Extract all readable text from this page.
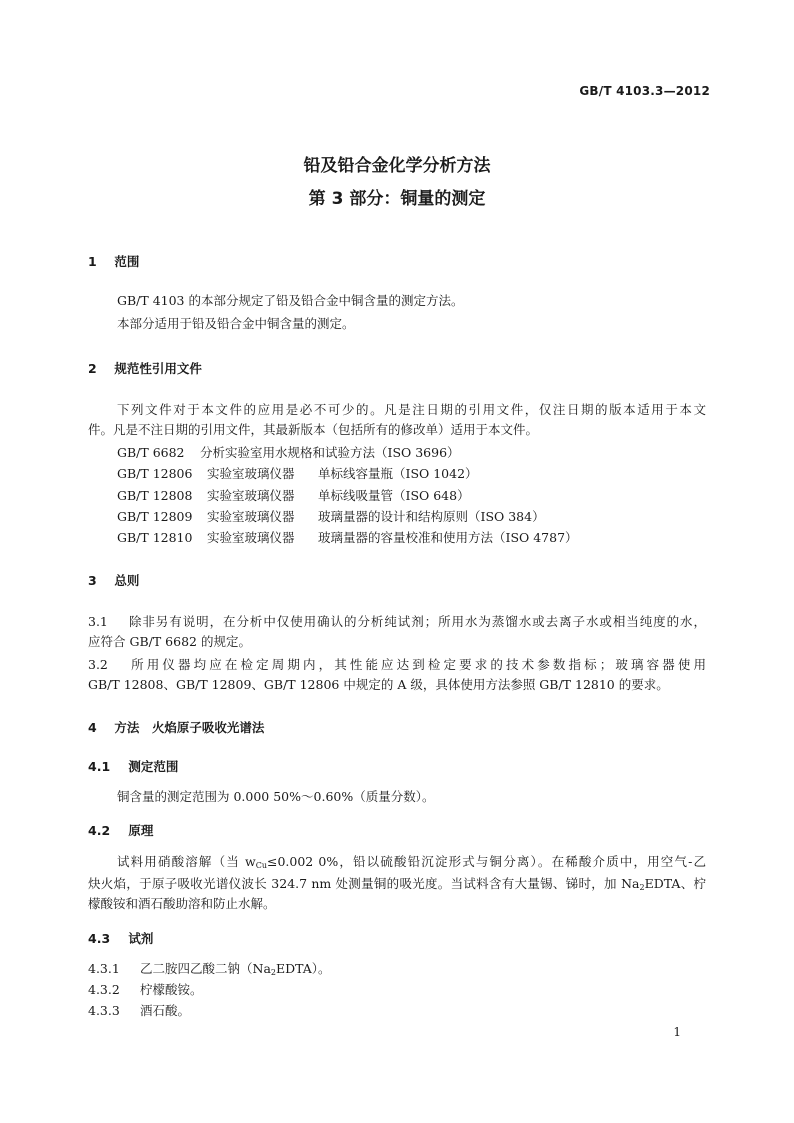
GB/T 4103.3—2012
铅及铅合金化学分析方法
第 3 部分：铜量的测定
1 范围
GB/T 4103 的本部分规定了铅及铅合金中铜含量的测定方法。
本部分适用于铅及铅合金中铜含量的测定。
2 规范性引用文件
下列文件对于本文件的应用是必不可少的。凡是注日期的引用文件，仅注日期的版本适用于本文
件。凡是不注日期的引用文件，其最新版本（包括所有的修改单）适用于本文件。
GB/T 6682 分析实验室用水规格和试验方法（ISO 3696）
GB/T 12806 实验室玻璃仪器 单标线容量瓶（ISO 1042）
GB/T 12808 实验室玻璃仪器 单标线吸量管（ISO 648）
GB/T 12809 实验室玻璃仪器 玻璃量器的设计和结构原则（ISO 384）
GB/T 12810 实验室玻璃仪器 玻璃量器的容量校准和使用方法（ISO 4787）
3 总则
3.1 除非另有说明，在分析中仅使用确认的分析纯试剂；所用水为蒸馏水或去离子水或相当纯度的水，
应符合 GB/T 6682 的规定。
3.2 所用仪器均应在检定周期内，其性能应达到检定要求的技术参数指标；玻璃容器使用
GB/T 12808、GB/T 12809、GB/T 12806 中规定的 A 级，具体使用方法参照 GB/T 12810 的要求。
4 方法　火焰原子吸收光谱法
4.1 测定范围
铜含量的测定范围为 0.000 50%～0.60%（质量分数）。
4.2 原理
试料用硝酸溶解（当 $w_{Cu}\le 0.002$ 0%，铅以硫酸铅沉淀形式与铜分离）。在稀酸介质中，用空气-乙
炔火焰，于原子吸收光谱仪波长 324.7 nm 处测量铜的吸光度。当试料含有大量锡、锑时，加 $Na_2EDTA$、柠
檬酸铵和酒石酸助溶和防止水解。
4.3 试剂
4.3.1 乙二胺四乙酸二钠$(Na_2EDTA)$。
4.3.2 柠檬酸铵。
4.3.3 酒石酸。
1
